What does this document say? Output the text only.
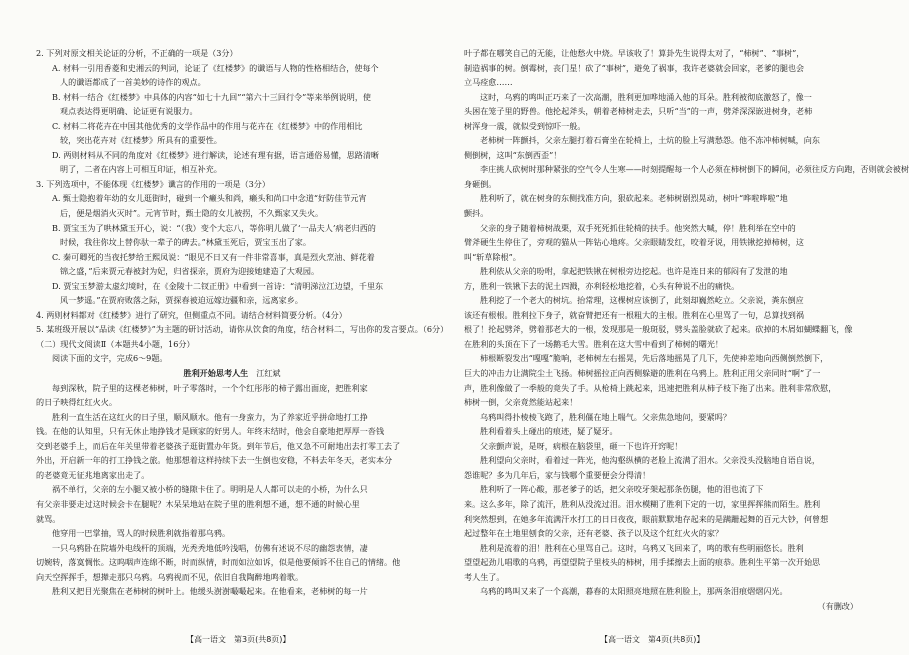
2. 下列对原文相关论证的分析，不正确的一项是（3分）
A. 材料一引用香菱和史湘云的判词，论证了《红楼梦》的谶语与人物的性格相结合，使每个
人的谶语都成了一首美妙的诗作的观点。
B. 材料一结合《红楼梦》中具体的内容“如七十九回”“第六十三回行令”等来举例说明，使
观点表达得更明确、论证更有说服力。
C. 材料二将花卉在中国其他优秀的文学作品中的作用与花卉在《红楼梦》中的作用相比
较，突出花卉对《红楼梦》所具有的重要性。
D. 两则材料从不同的角度对《红楼梦》进行解读，论述有理有据，语言通俗易懂，思路清晰
明了，二者在内容上可相互印证，相互补充。
3. 下列选项中，不能体现《红楼梦》谶言的作用的一项是（3分）
A. 甄士隐抱着年幼的女儿逛街时，碰到一个癞头和尚，癞头和尚口中念道“好防佳节元宵
后，便是烟消火灭时”。元宵节时，甄士隐的女儿被拐，不久甄家又失火。
B. 贾宝玉为了哄林黛玉开心，说：“（我）变个大忘八，等你明儿做了‘一品夫人’病老归西的
时候，我往你坟上替你驮一辈子的碑去。”林黛玉死后，贾宝玉出了家。
C. 秦可卿死的当夜托梦给王熙凤说：“眼见不日又有一件非常喜事，真是烈火烹油、鲜花着
锦之盛，”后来贾元春被封为妃，归省探亲，贾府为迎接她建造了大观园。
D. 贾宝玉梦游太虚幻境时，在《金陵十二钗正册》中看到一首诗：“清明涕泣江边望，千里东
风一梦遥。”在贾府败落之际，贾探春被迫远嫁边疆和亲，远离家乡。
4. 两则材料都对《红楼梦》进行了研究，但侧重点不同。请结合材料简要分析。（4分）
5. 某班级开展以“品读《红楼梦》”为主题的研讨活动，请你从饮食的角度，结合材料二，写出你的发言要点。（6分）
（二）现代文阅读Ⅱ（本题共4小题，16分）
阅读下面的文字，完成6～9题。
胜利开始思考人生 江红斌
每到深秋，院子里的这棵老柿树，叶子零落时，一个个红彤彤的柿子露出面庞，把胜利家
的日子映得红红火火。
胜利一直生活在这红火的日子里，顺风顺水。他有一身蛮力，为了养家近乎拼命地打工挣
钱。在他的认知里，只有无休止地挣钱才是顾家的好男人。年终末结时，他会自豪地把厚厚一沓钱
交到老婆手上，而后在年关里带着老婆孩子逛街置办年货。到年节后，他又急不可耐地出去打零工去了
外出，开启新一年的打工挣钱之旅。他那想着这样持续下去一生倒也安稳，不料去年冬天，老实本分
的老婆竟无征兆地离家出走了。
祸不单行，父亲的左小腿又被小桥的缝隙卡住了。明明是人人都可以走的小桥，为什么只
有父亲非要走过这时候会卡在腿呢？木呆呆地站在院子里的胜利想不通，想不通的时候心里
就骂。
他穿用一巴掌抽，骂人的时候胜利就指着那乌鸦。
一只乌鸦卧在院墙外电线杆的顶端，光秃秃地低吟浅唱，仿佛有述说不尽的幽怨衷情，凄
切婉转，落寞惆怅。这呜咽声连绵不断，时而纵情，时而如泣如诉，似是他要倾诉不住自己的情绪。他
向天空挥挥手，想撵走那只乌鸦。乌鸦视而不见，依旧自我陶醉地鸣着歌。
胜利又把目光聚焦在老柿树的树叶上。他缓头澍澍嘬嘬起来。在他看来，老柿树的每一片
叶子都在哪笑自己的无能，让他愁火中烧。早该收了！算卦先生说得太对了，“柿树”、“事树”，
制造祸事的树。倒霉树，丧门星！砍了“事树”，避免了祸事，我许老婆就会回家，老爹的腿也会
立马痊愈……
这时，乌鸦的鸣叫正巧来了一次高潮，胜利更加哗地涌入他的耳朵。胜利被彻底激怒了，像一
头困在笼子里的野兽。他抡起斧头，朝着老柿树走去，只听“当”的一声，劈斧深深嵌进树身，老柿
树浑身一震，就似受到惊吓一般。
老柿树一阵颤抖，父亲左腿打着石膏坐在轮椅上，土炕的脸上写满愁怨。他不冻冲柿树喊，向东
侧倒树，这叫“东倒西歪”！
李庄挑人砍树时那种紧张的空气令人生寒——时刻提醒每一个人必须在柿树倒下的瞬间，必须往反方向跑，否则就会被树
身砸倒。
胜利听了，就在树身的东侧找准方向，狠砍起来。老柿树剧烈晃动，树叶“哗啦哗啦”地
颤抖。
父亲的身子随着柿树战栗，双手死死抓住轮椅的扶手。他突然大喊，停！胜利举在空中的
臂斧硬生生停住了，旁观的猫从一阵钻心地疼。父亲眼睛发红，咬着牙说，用铁锹挖掉柿树，这
叫“斩草除根”。
胜利依从父亲的吩咐，拿起把铁锹在树根旁边挖起。也许是连日来的郁闷有了发泄的地
方，胜利一铁锹下去的泥土四溅，亦利轻松地挖着，心头有种说不出的痛快。
胜利挖了一个老大的树坑。抬常理，这棵树应该倒了，此刻却巍然屹立。父亲说，粪东倒应
该还有根根。胜利拉下身子，就奋臂把还有一根粗大的主根。胜利在心里骂了一句，总算找到祸
根了！抡起劈斧，劈着那老大的一根，发现那是一般斑驳，劈头盖脸就砍了起来。砍掉的木屑如蝴蝶翻飞，像
在胜利的头顶在下了一场鹅毛大雪。胜利在这大雪中看到了柿树的曙光！
柿根断裂发出“嘎嘎”脆响，老柿树左右摇晃，先后落地摇晃了几下，先使神差地向西侧倒然倒下，
巨大的冲击力让满院尘土飞扬。柿树摇拉正向西侧躲避的胜利在乌鸦上。胜利正用父亲同时“啊”了一
声，胜利像做了一季般的竟失了手。从枪椅上跳起来，迅速把胜利从柿子枝下拖了出来。胜利非常欣慰，
柿树一倒，父亲竟然能站起来！
乌鸦叫得扑棱棱飞跑了，胜利僵在地上喘气。父亲焦急地问，要紧吗？
胜利看着头上碰出的痕迹，疑了疑牙。
父亲颤声说，是呀，病根在脑袋里，砸一下也许开窍呢！
胜利望向父亲时，看着过一阵光，他沟壑纵横的老脸上流满了泪水。父亲没头没脑地自语自说，
怨谁呢？多为几年后，家与钱哪个重要便会分得清！
胜利听了一阵心酸，那老爹子的话，把父亲咬牙架起那条伤腿，他的泪也流了下
来。这么多年，除了流汗，胜利从没流过泪。泪水模糊了胜利下定的一切，家里挥挥熊而陌生。胜利
利突然想到，在她多年流满汗水打工的日日夜夜，眼前默默地存起来的是蹒跚起舞的百元大钞，何曾想
起过整年在土地里刨食的父亲，还有老婆、孩子以及这个红红火火的家？
胜利是流着的泪！胜利在心里骂自己。这时，乌鸦又飞回来了，鸣的歌有些明丽悠长。胜利
望望起劲儿唱歌的乌鸦，再望望院子里枝头的柿树，用手揉擦去上面的痕恭。胜利生平第一次开始思
考人生了。
乌鸦的鸣叫又来了一个高潮，暮春的太阳照亮地照在胜利脸上，那两条泪痕熠熠闪光。
（有删改）
【高一语文　第3页(共8页)】	【高一语文　第4页(共8页)】
